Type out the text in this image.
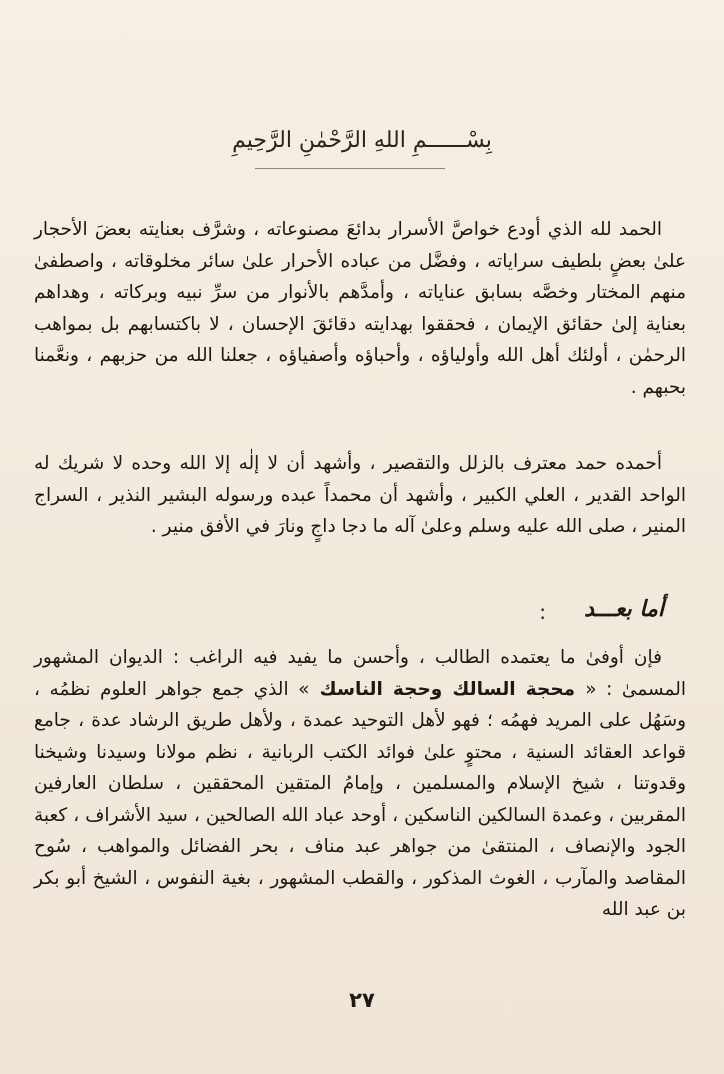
بِسْــــــمِ اللهِ الرَّحْمٰنِ الرَّحِيمِ

الحمد لله الذي أودع خواصَّ الأسرار بدائعَ مصنوعاته ، وشرَّف بعنايته بعضَ الأحجار علىٰ بعضٍ بلطيف سراياته ، وفضَّل من عباده الأحرار علىٰ سائر مخلوقاته ، واصطفىٰ منهم المختار وخصَّه بسابق عناياته ، وأمدَّهم بالأنوار من سرِّ نبيه وبركاته ، وهداهم بعناية إلىٰ حقائق الإيمان ، فحققوا بهدايته دقائقَ الإحسان ، لا باكتسابهم بل بمواهب الرحمٰن ، أولئك أهل الله وأولياؤه ، وأحباؤه وأصفياؤه ، جعلنا الله من حزبهم ، ونعَّمنا بحبهم .

أحمده حمد معترف بالزلل والتقصير ، وأشهد أن لا إلٰه إلا الله وحده لا شريك له الواحد القدير ، العلي الكبير ، وأشهد أن محمداً عبده ورسوله البشير النذير ، السراج المنير ، صلى الله عليه وسلم وعلىٰ آله ما دجا داجٍ ونارَ في الأفق منير .

أما بعـــد
:

فإن أوفىٰ ما يعتمده الطالب ، وأحسن ما يفيد فيه الراغب : الديوان المشهور المسمىٰ : « محجة السالك وحجة الناسك » الذي جمع جواهر العلوم نظمُه ، وسَهُل على المريد فهمُه ؛ فهو لأهل التوحيد عمدة ، ولأهل طريق الرشاد عدة ، جامع قواعد العقائد السنية ، محتوٍ علىٰ فوائد الكتب الربانية ، نظم مولانا وسيدنا وشيخنا وقدوتنا ، شيخ الإسلام والمسلمين ، وإمامُ المتقين المحققين ، سلطان العارفين المقربين ، وعمدة السالكين الناسكين ، أوحد عباد الله الصالحين ، سيد الأشراف ، كعبة الجود والإنصاف ، المنتقىٰ من جواهر عبد مناف ، بحر الفضائل والمواهب ، سُوح المقاصد والمآرب ، الغوث المذكور ، والقطب المشهور ، بغية النفوس ، الشيخ أبو بكر بن عبد الله

٢٧
